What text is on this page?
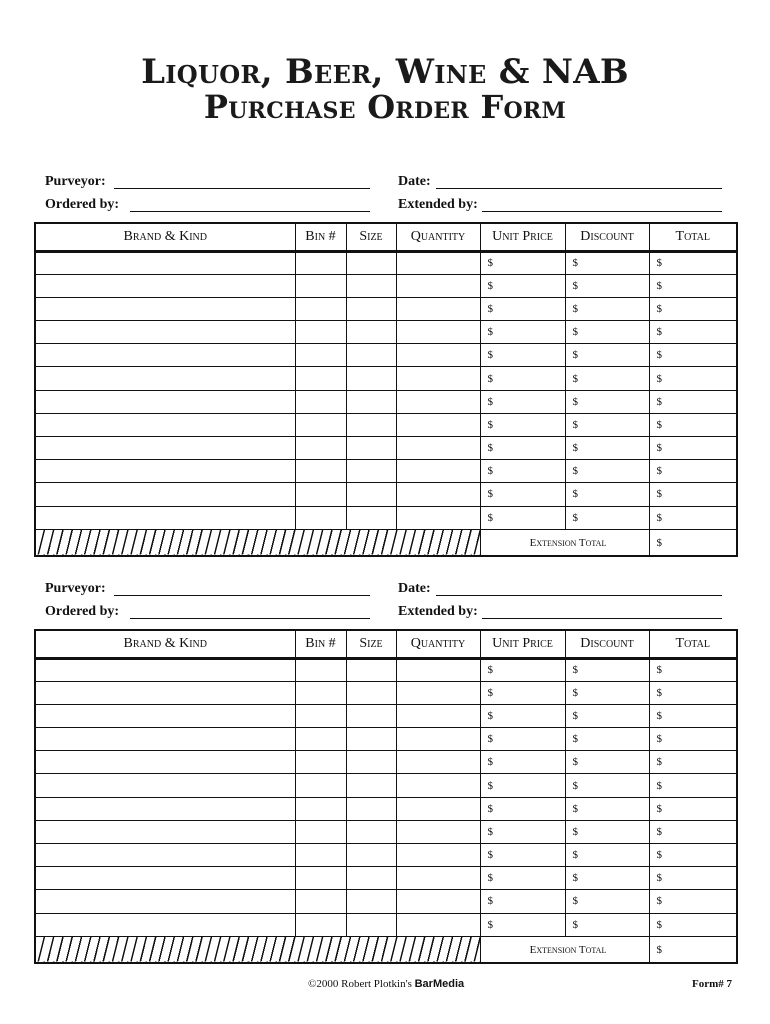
Liquor, Beer, Wine & NAB
Purchase Order Form
Purveyor:	Date:
Ordered by:	Extended by:
Brand & Kind	Bin #	Size	Quantity	Unit Price	Discount	Total
				$	$	$
				$	$	$
				$	$	$
				$	$	$
				$	$	$
				$	$	$
				$	$	$
				$	$	$
				$	$	$
				$	$	$
				$	$	$
				$	$	$
				Extension Total		$
Purveyor:	Date:
Ordered by:	Extended by:
Brand & Kind	Bin #	Size	Quantity	Unit Price	Discount	Total
				$	$	$
				$	$	$
				$	$	$
				$	$	$
				$	$	$
				$	$	$
				$	$	$
				$	$	$
				$	$	$
				$	$	$
				$	$	$
				$	$	$
				Extension Total		$
©2000 Robert Plotkin's BarMedia	Form# 7
